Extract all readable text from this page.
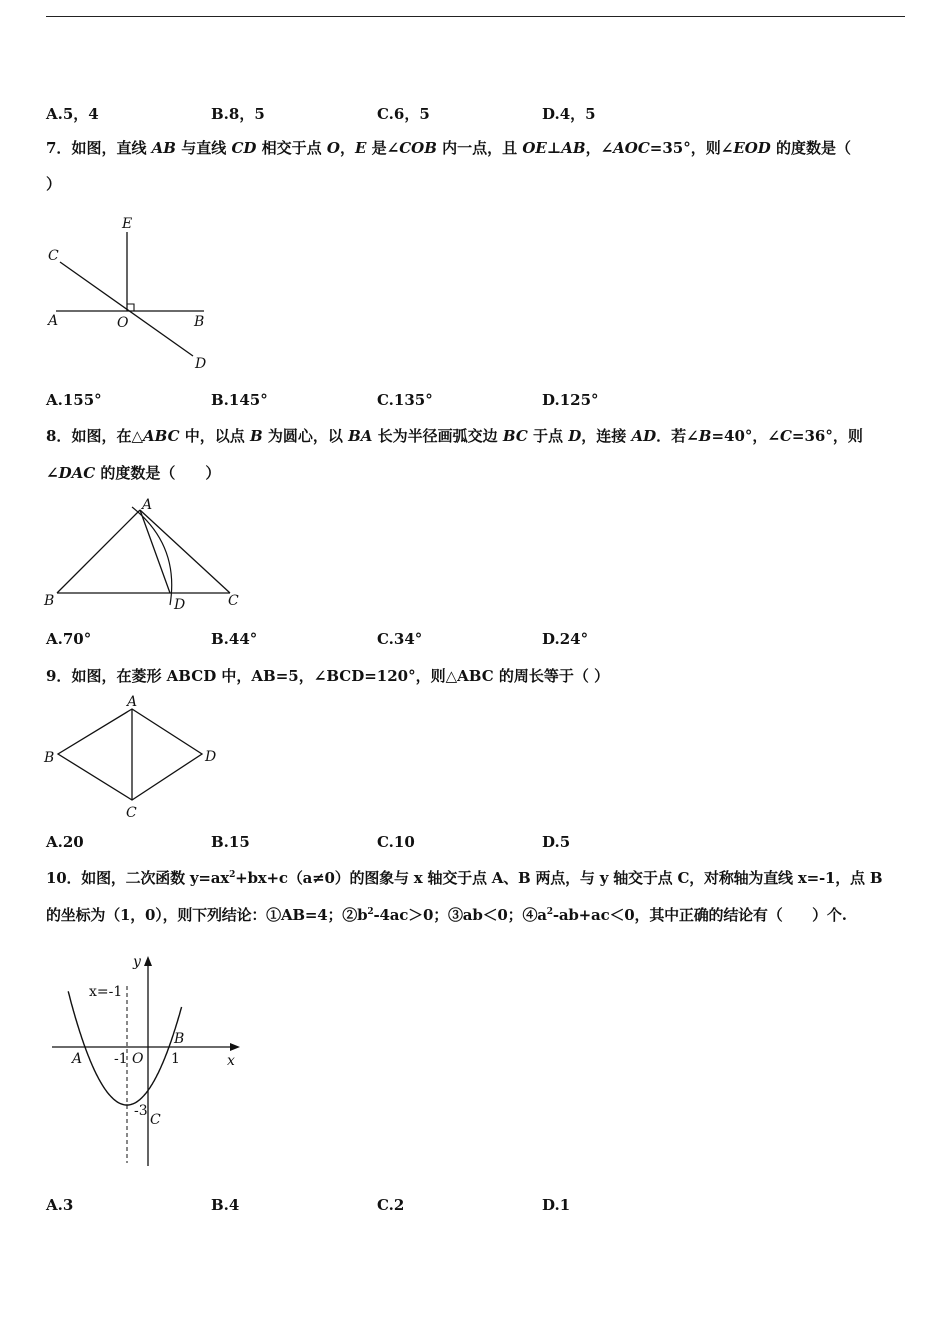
A.5，4	B.8，5	C.6，5	D.4，5
7．如图，直线 AB 与直线 CD 相交于点 O，E 是∠COB 内一点，且 OE⊥AB，∠AOC=35°，则∠EOD 的度数是（
）
E
C
A	O	B
D
A.155°	B.145°	C.135°	D.125°
8．如图，在△ABC 中，以点 B 为圆心，以 BA 长为半径画弧交边 BC 于点 D，连接 AD．若∠B=40°，∠C=36°，则
∠DAC 的度数是（　　）
A
B	D	C
A.70°	B.44°	C.34°	D.24°
9．如图，在菱形 ABCD 中，AB=5，∠BCD=120°，则△ABC 的周长等于（ ）
A
B
C
D
A.20	B.15	C.10	D.5
10．如图，二次函数 $y=ax^2+bx+c(a\ne 0)$的图象与 x 轴交于点 A、B 两点，与 y 轴交于点 C，对称轴为直线 x=-1，点 B
的坐标为（1，0），则下列结论：①AB=4；$②b^2-4ac>0$；③ab＜0；$④a^2-ab+ac<0$，其中正确的结论有（　　）个.
x=-1
y
x
A
B
C
O
-1	1
-3
A.3	B.4	C.2	D.1
